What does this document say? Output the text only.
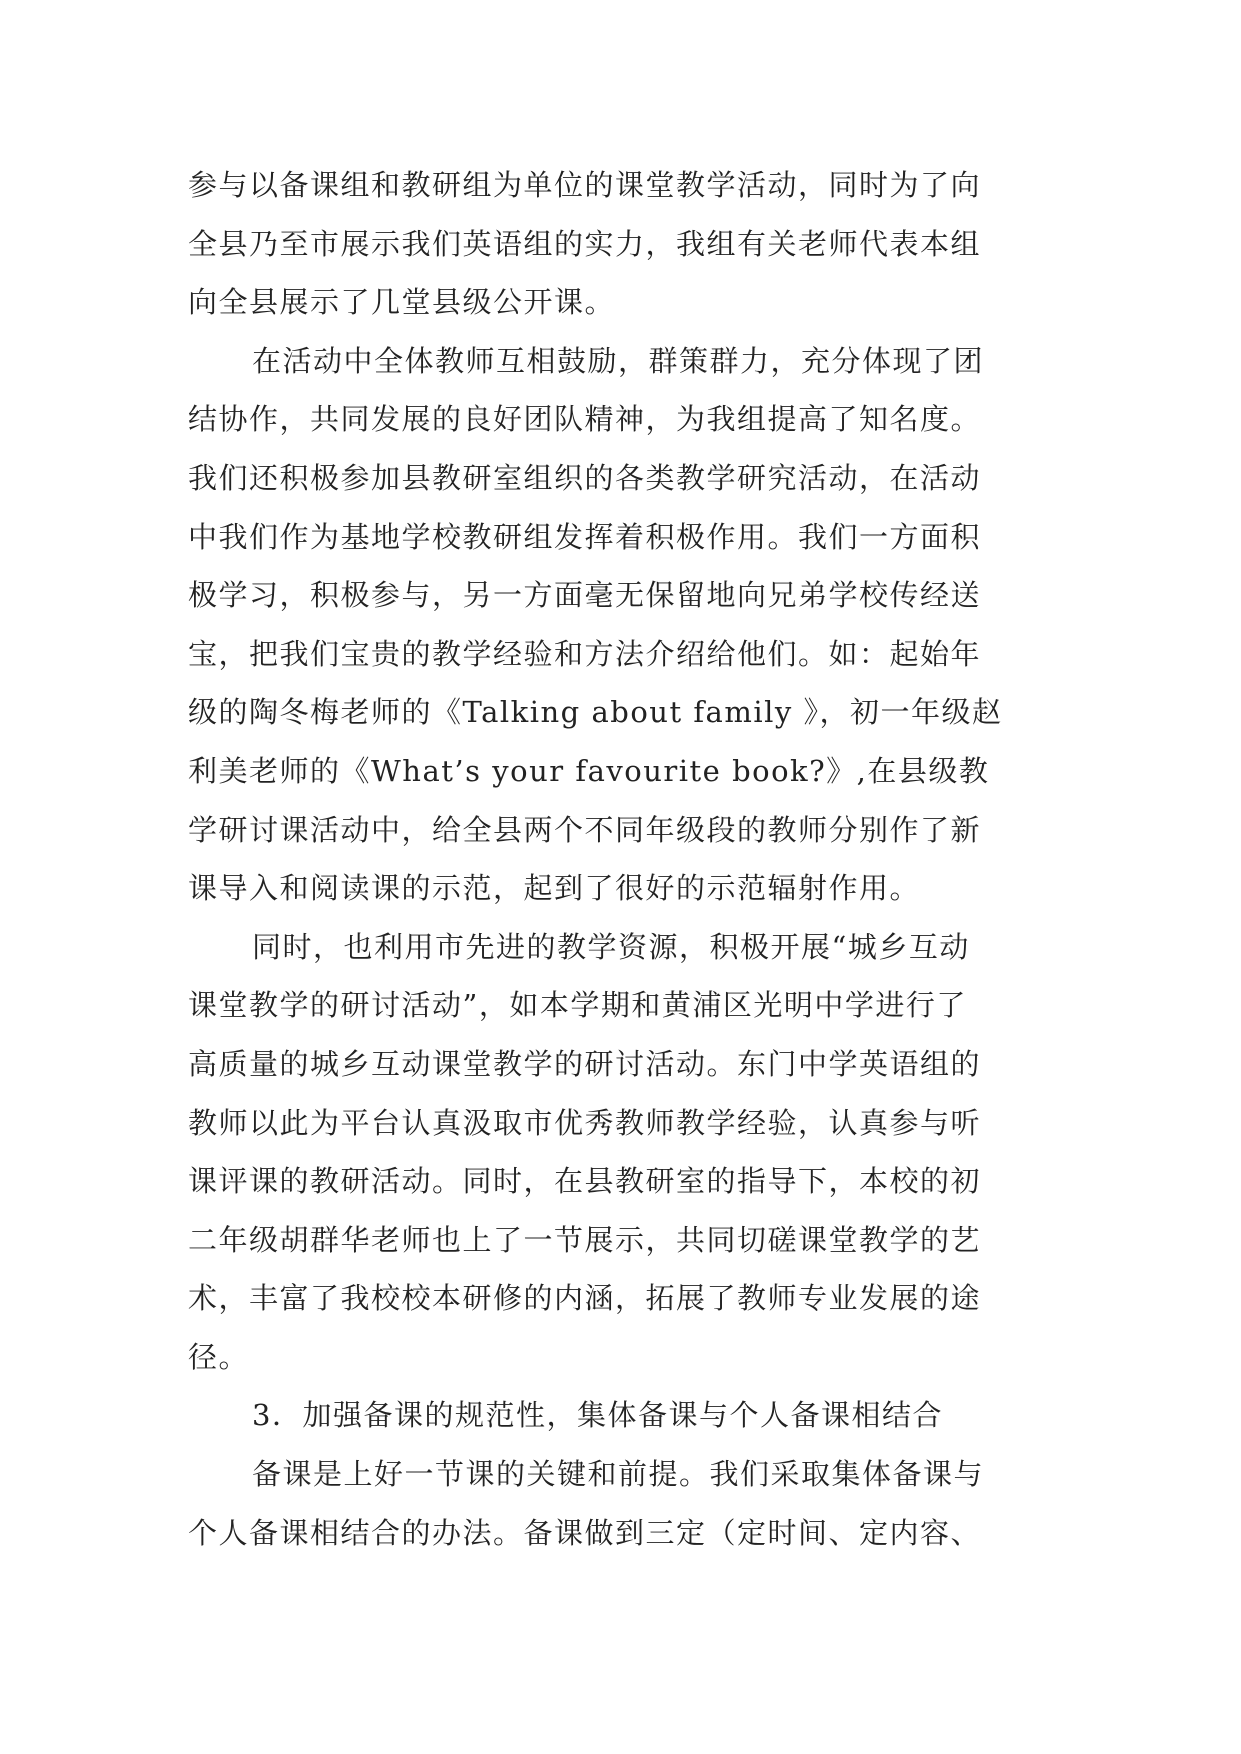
参与以备课组和教研组为单位的课堂教学活动，同时为了向
全县乃至市展示我们英语组的实力，我组有关老师代表本组
向全县展示了几堂县级公开课。
在活动中全体教师互相鼓励，群策群力，充分体现了团
结协作，共同发展的良好团队精神，为我组提高了知名度。
我们还积极参加县教研室组织的各类教学研究活动，在活动
中我们作为基地学校教研组发挥着积极作用。我们一方面积
极学习，积极参与，另一方面毫无保留地向兄弟学校传经送
宝，把我们宝贵的教学经验和方法介绍给他们。如：起始年
级的陶冬梅老师的《Talking about family 》，初一年级赵
利美老师的《What’s your favourite book?》,在县级教
学研讨课活动中，给全县两个不同年级段的教师分别作了新
课导入和阅读课的示范，起到了很好的示范辐射作用。
同时，也利用市先进的教学资源，积极开展“城乡互动
课堂教学的研讨活动”，如本学期和黄浦区光明中学进行了
高质量的城乡互动课堂教学的研讨活动。东门中学英语组的
教师以此为平台认真汲取市优秀教师教学经验，认真参与听
课评课的教研活动。同时，在县教研室的指导下，本校的初
二年级胡群华老师也上了一节展示，共同切磋课堂教学的艺
术，丰富了我校校本研修的内涵，拓展了教师专业发展的途
径。
3．加强备课的规范性，集体备课与个人备课相结合
备课是上好一节课的关键和前提。我们采取集体备课与
个人备课相结合的办法。备课做到三定（定时间、定内容、
